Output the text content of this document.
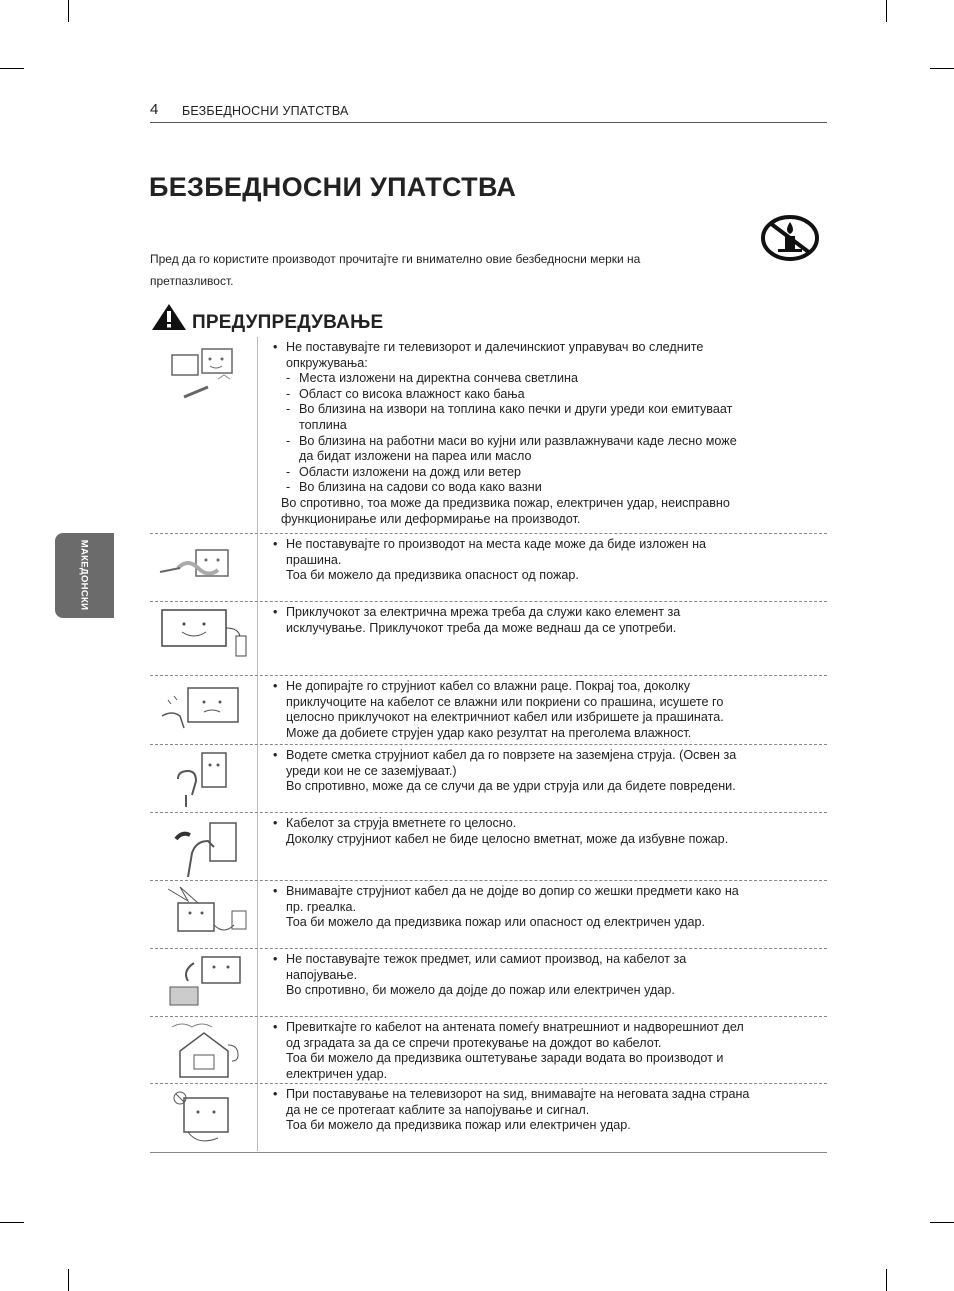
4 БЕЗБЕДНОСНИ УПАТСТВА
МАКЕДОНСКИ
БЕЗБЕДНОСНИ УПАТСТВА
Пред да го користите производот прочитајте ги внимателно овие безбедносни мерки на
претпазливост.
ПРЕДУПРЕДУВАЊЕ
• Не поставувајте ги телевизорот и далечинскиот управувач во следните
опкружувања:
- Места изложени на директна сончева светлина
- Област со висока влажност како бања
- Во близина на извори на топлина како печки и други уреди кои емитуваат
топлина
- Во близина на работни маси во кујни или развлажнувачи каде лесно може
да бидат изложени на пареа или масло
- Области изложени на дожд или ветер
- Во близина на садови со вода како вазни
Во спротивно, тоа може да предизвика пожар, електричен удар, неисправно
функционирање или деформирање на производот.
• Не поставувајте го производот на места каде може да биде изложен на
прашина.
Тоа би можело да предизвика опасност од пожар.
• Приклучокот за електрична мрежа треба да служи како елемент за
исклучување. Приклучокот треба да може веднаш да се употреби.
• Не допирајте го струјниот кабел со влажни раце. Покрај тоа, доколку
приклучоците на кабелот се влажни или покриени со прашина, исушете го
целосно приклучокот на електричниот кабел или избришете ја прашината.
Може да добиете струјен удар како резултат на преголема влажност.
• Водете сметка струјниот кабел да го поврзете на заземјена струја. (Освен за
уреди кои не се заземјуваат.)
Во спротивно, може да се случи да ве удри струја или да бидете повредени.
• Кабелот за струја вметнете го целосно.
Доколку струјниот кабел не биде целосно вметнат, може да избувне пожар.
• Внимавајте струјниот кабел да не дојде во допир со жешки предмети како на
пр. греалка.
Тоа би можело да предизвика пожар или опасност од електричен удар.
• Не поставувајте тежок предмет, или самиот производ, на кабелот за
напојување.
Во спротивно, би можело да дојде до пожар или електричен удар.
• Превиткајте го кабелот на антената помеѓу внатрешниот и надворешниот дел
од зградата за да се спречи протекување на дождот во кабелот.
Тоа би можело да предизвика оштетување заради водата во производот и
електричен удар.
• При поставување на телевизорот на ѕид, внимавајте на неговата задна страна
да не се протегаат каблите за напојување и сигнал.
Тоа би можело да предизвика пожар или електричен удар.
